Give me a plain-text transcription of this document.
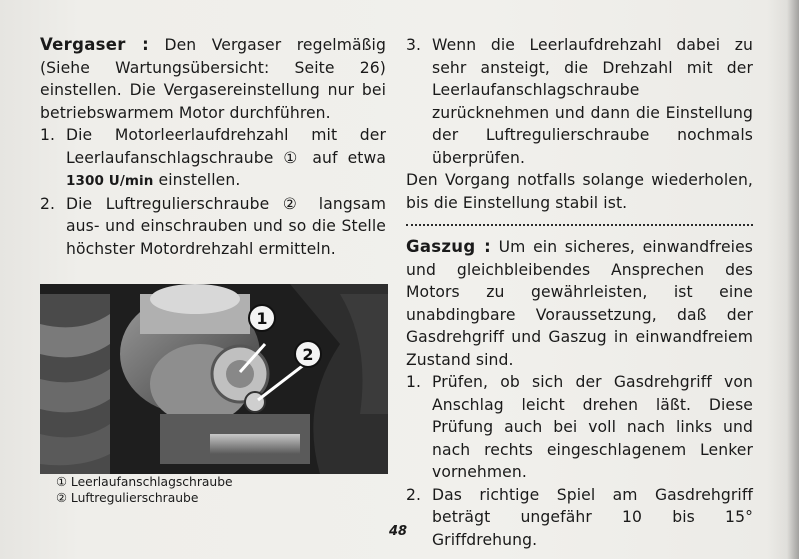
Vergaser : Den Vergaser regelmäßig (Siehe Wartungsübersicht: Seite 26) einstellen. Die Vergasereinstellung nur bei betriebswarmem Motor durchführen.

1. Die Motorleerlaufdrehzahl mit der Leerlaufanschlagschraube ① auf etwa 1300 U/min einstellen.
2. Die Luftregulierschraube ② langsam aus- und einschrauben und so die Stelle höchster Motordrehzahl ermitteln.
1
2
① Leerlaufanschlagschraube
② Luftregulierschraube
3. Wenn die Leerlaufdrehzahl dabei zu sehr ansteigt, die Drehzahl mit der Leerlaufanschlagschraube zurücknehmen und dann die Einstellung der Luftregulierschraube nochmals überprüfen.

Den Vorgang notfalls solange wiederholen, bis die Einstellung stabil ist.

Gaszug : Um ein sicheres, einwandfreies und gleichbleibendes Ansprechen des Motors zu gewährleisten, ist eine unabdingbare Voraussetzung, daß der Gasdrehgriff und Gaszug in einwandfreiem Zustand sind.

1. Prüfen, ob sich der Gasdrehgriff von Anschlag leicht drehen läßt. Diese Prüfung auch bei voll nach links und nach rechts eingeschlagenem Lenker vornehmen.
2. Das richtige Spiel am Gasdrehgriff beträgt ungefähr 10 bis 15° Griffdrehung.
48
